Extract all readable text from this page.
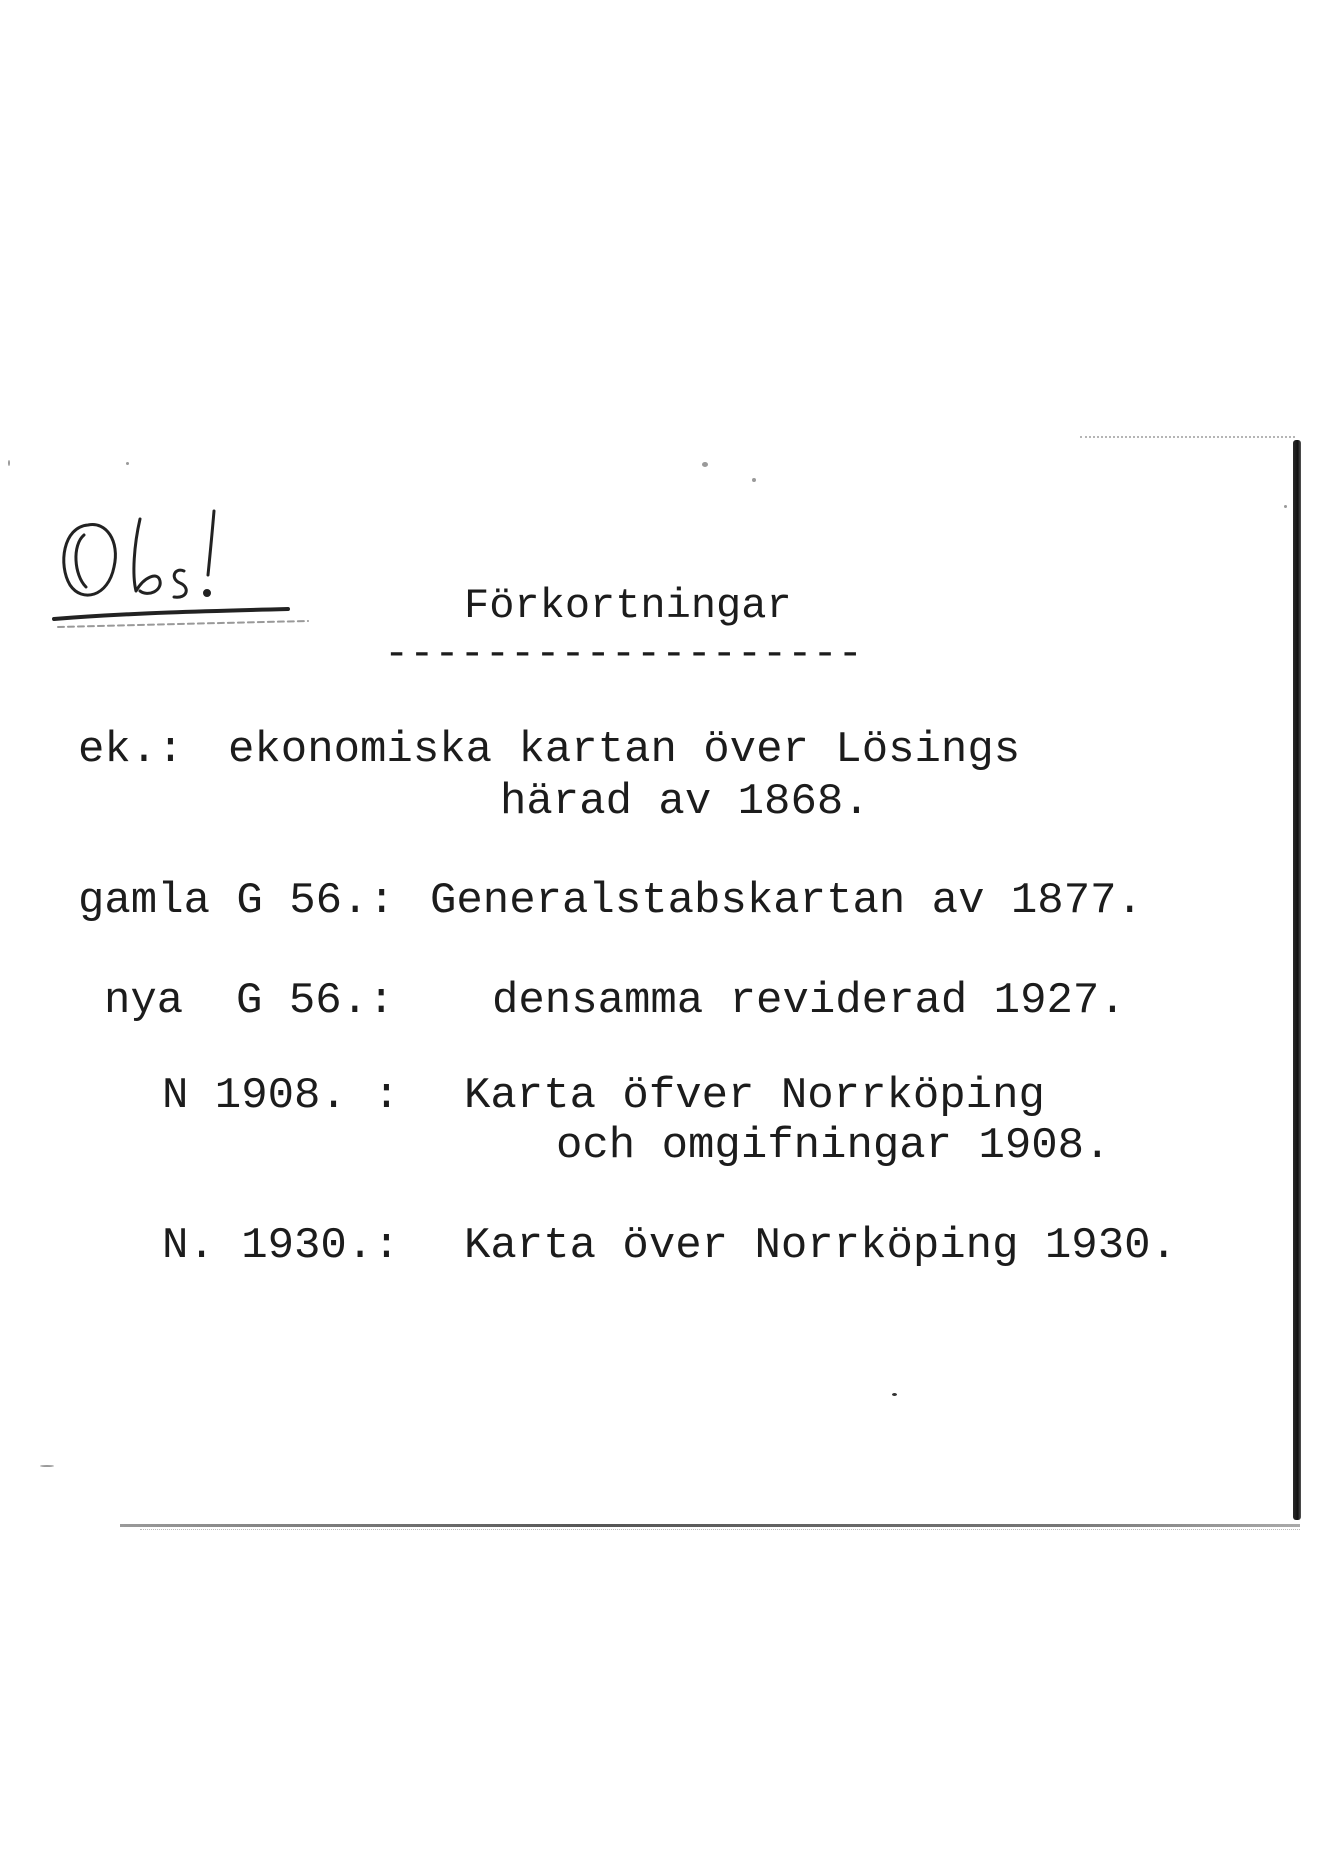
Förkortningar
-------------------
ek.: ekonomiska kartan över Lösings
härad av 1868.
gamla G 56.: Generalstabskartan av 1877.
nya  G 56.: densamma reviderad 1927.
N 1908. : Karta öfver Norrköping
och omgifningar 1908.
N. 1930.: Karta över Norrköping 1930.
